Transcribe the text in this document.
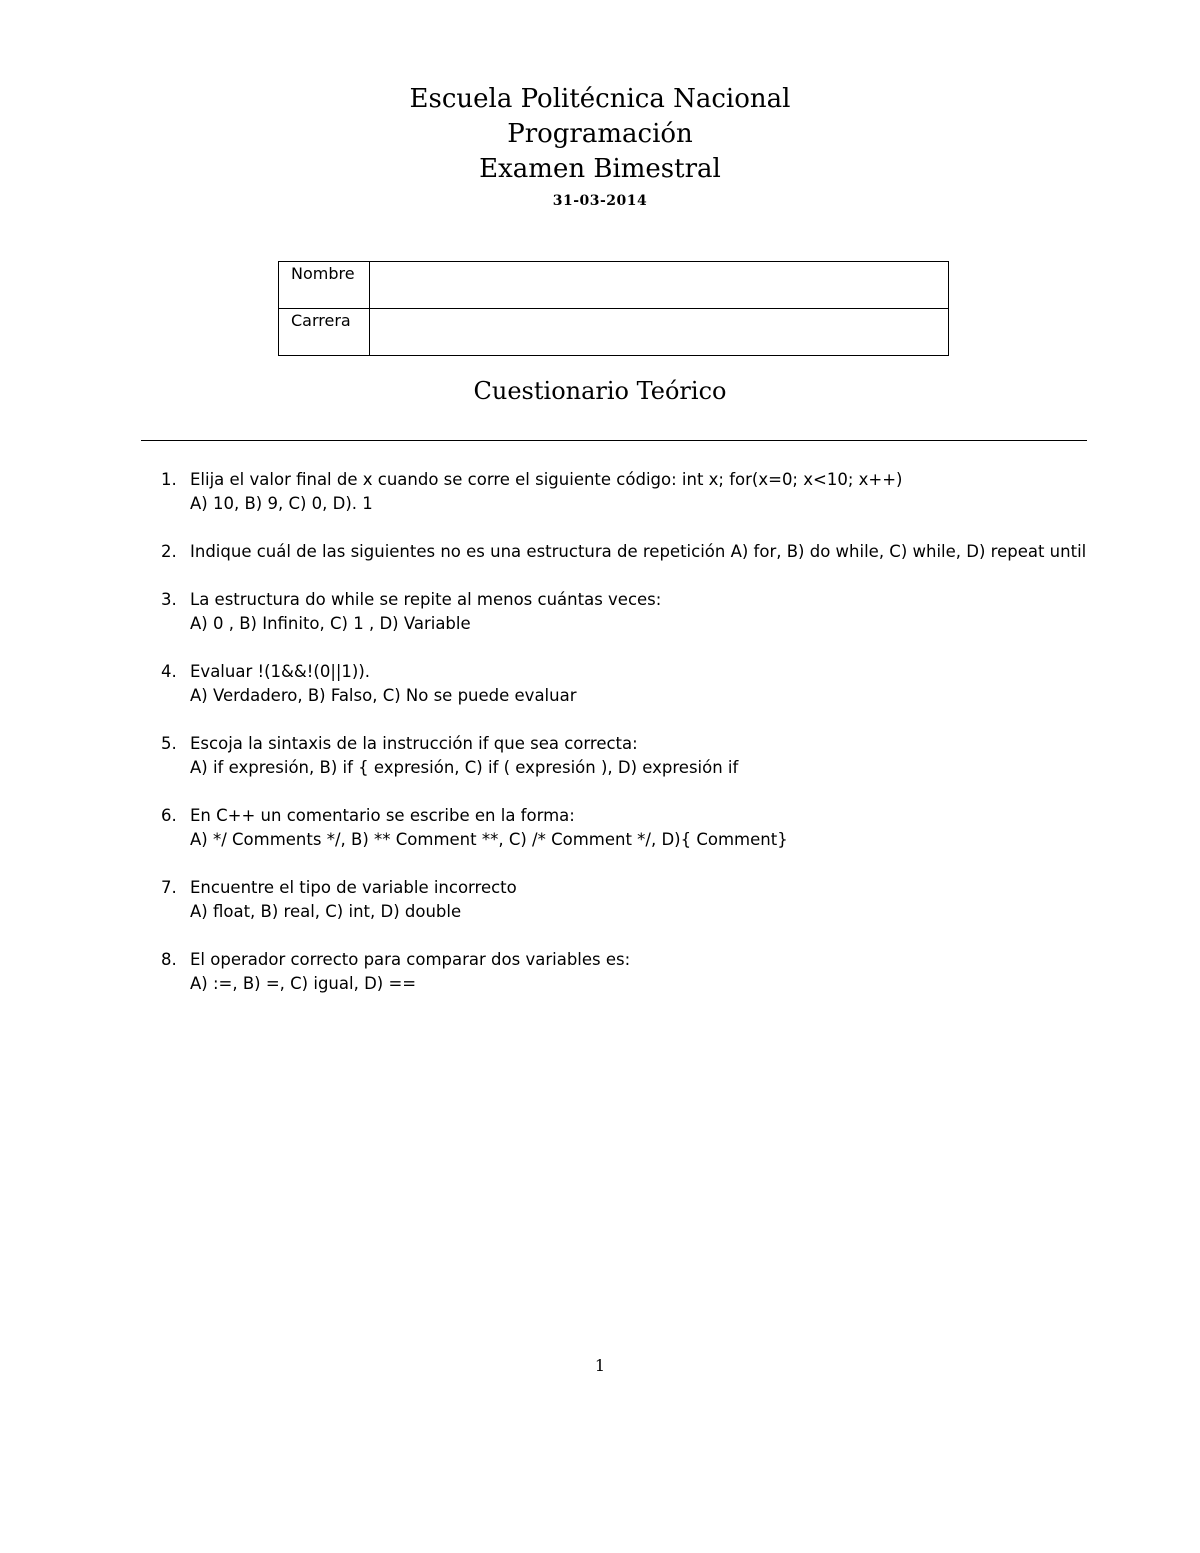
Escuela Politécnica Nacional
Programación
Examen Bimestral
31-03-2014
Nombre	
Carrera	
Cuestionario Teórico
1. Elija el valor final de x cuando se corre el siguiente código: int x; for(x=0; x<10; x++)
A) 10, B) 9, C) 0, D). 1
2. Indique cuál de las siguientes no es una estructura de repetición A) for, B) do while, C) while, D) repeat until
3. La estructura do while se repite al menos cuántas veces:
A) 0 , B) Infinito, C) 1 , D) Variable
4. Evaluar !(1&&!(0||1)).
A) Verdadero, B) Falso, C) No se puede evaluar
5. Escoja la sintaxis de la instrucción if que sea correcta:
A) if expresión, B) if { expresión, C) if ( expresión ), D) expresión if
6. En C++ un comentario se escribe en la forma:
A) */ Comments */, B) ** Comment **, C) /* Comment */, D){ Comment}
7. Encuentre el tipo de variable incorrecto
A) float, B) real, C) int, D) double
8. El operador correcto para comparar dos variables es:
A) :=, B) =, C) igual, D) ==
1
